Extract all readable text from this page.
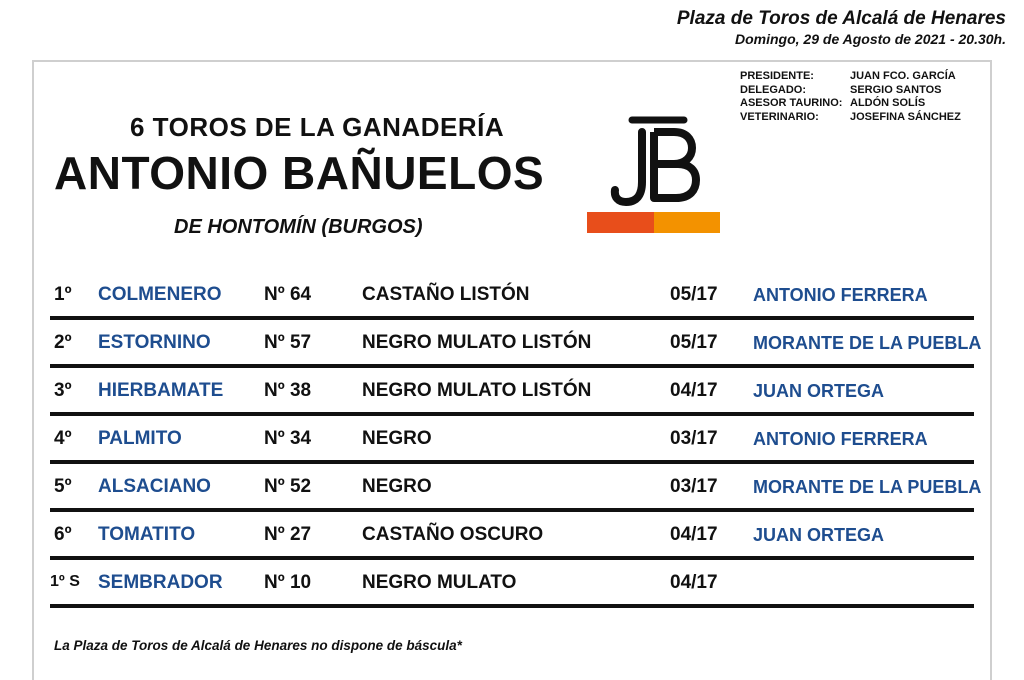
Plaza de Toros de Alcalá de Henares
Domingo, 29 de Agosto de 2021 - 20.30h.
PRESIDENTE:	JUAN FCO. GARCÍA
DELEGADO:	SERGIO SANTOS
ASESOR TAURINO: ALDÓN SOLÍS
VETERINARIO:	JOSEFINA SÁNCHEZ
6 TOROS DE LA GANADERÍA
ANTONIO BAÑUELOS
DE HONTOMÍN (BURGOS)
1º COLMENERO Nº 64	CASTAÑO LISTÓN	05/17 ANTONIO FERRERA
2º ESTORNINO	Nº 57	NEGRO MULATO LISTÓN	05/17 MORANTE DE LA PUEBLA
3º HIERBAMATE Nº 38	NEGRO MULATO LISTÓN	04/17 JUAN ORTEGA
4º PALMITO	Nº 34	NEGRO	03/17 ANTONIO FERRERA
5º ALSACIANO	Nº 52	NEGRO	03/17 MORANTE DE LA PUEBLA
6º TOMATITO	Nº 27	CASTAÑO OSCURO	04/17 JUAN ORTEGA
1º S SEMBRADOR Nº 10	NEGRO MULATO	04/17
La Plaza de Toros de Alcalá de Henares no dispone de báscula*
